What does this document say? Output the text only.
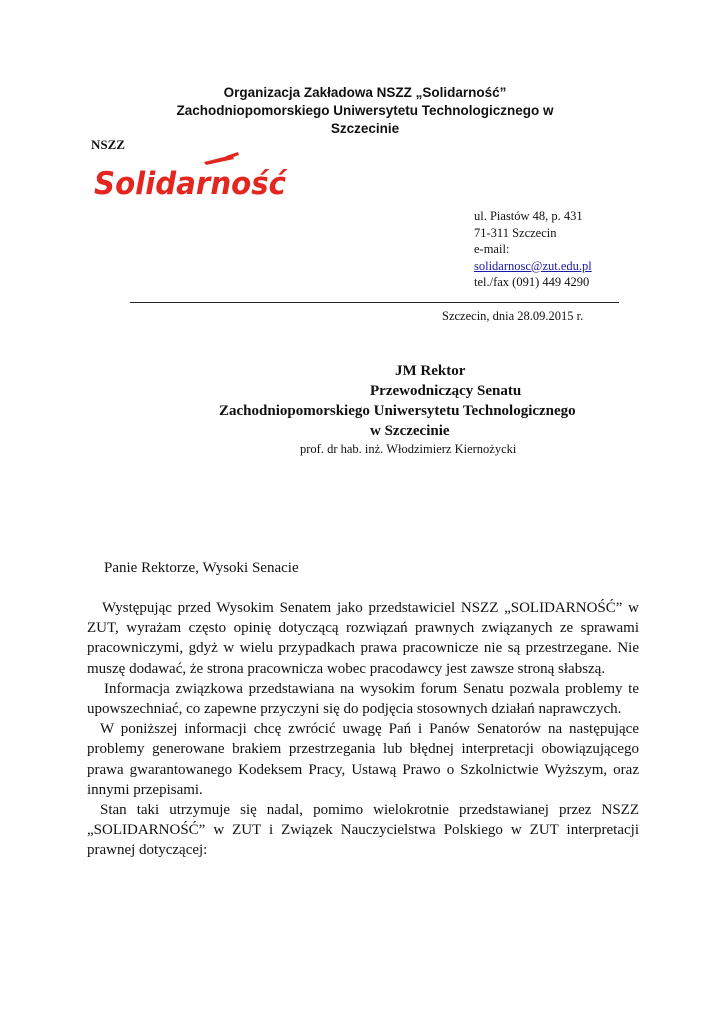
Organizacja Zakładowa NSZZ „Solidarność”
Zachodniopomorskiego Uniwersytetu Technologicznego w
Szczecinie
NSZZ
Solidarność
ul. Piastów 48, p. 431
71-311 Szczecin
e-mail:
solidarnosc@zut.edu.pl
tel./fax (091) 449 4290
Szczecin, dnia 28.09.2015 r.
JM Rektor
Przewodniczący Senatu
Zachodniopomorskiego Uniwersytetu Technologicznego
w Szczecinie
prof. dr hab. inż. Włodzimierz Kiernożycki
Panie Rektorze, Wysoki Senacie

Występując przed Wysokim Senatem jako przedstawiciel NSZZ „SOLIDARNOŚĆ” w ZUT, wyrażam często opinię dotyczącą rozwiązań prawnych związanych ze sprawami pracowniczymi, gdyż w wielu przypadkach prawa pracownicze nie są przestrzegane. Nie muszę dodawać, że strona pracownicza wobec pracodawcy jest zawsze stroną słabszą.

Informacja związkowa przedstawiana na wysokim forum Senatu pozwala problemy te upowszechniać, co zapewne przyczyni się do podjęcia stosownych działań naprawczych.

W poniższej informacji chcę zwrócić uwagę Pań i Panów Senatorów na następujące problemy generowane brakiem przestrzegania lub błędnej interpretacji obowiązującego prawa gwarantowanego Kodeksem Pracy, Ustawą Prawo o Szkolnictwie Wyższym, oraz innymi przepisami.

Stan taki utrzymuje się nadal, pomimo wielokrotnie przedstawianej przez NSZZ „SOLIDARNOŚĆ” w ZUT i Związek Nauczycielstwa Polskiego w ZUT interpretacji prawnej dotyczącej:
